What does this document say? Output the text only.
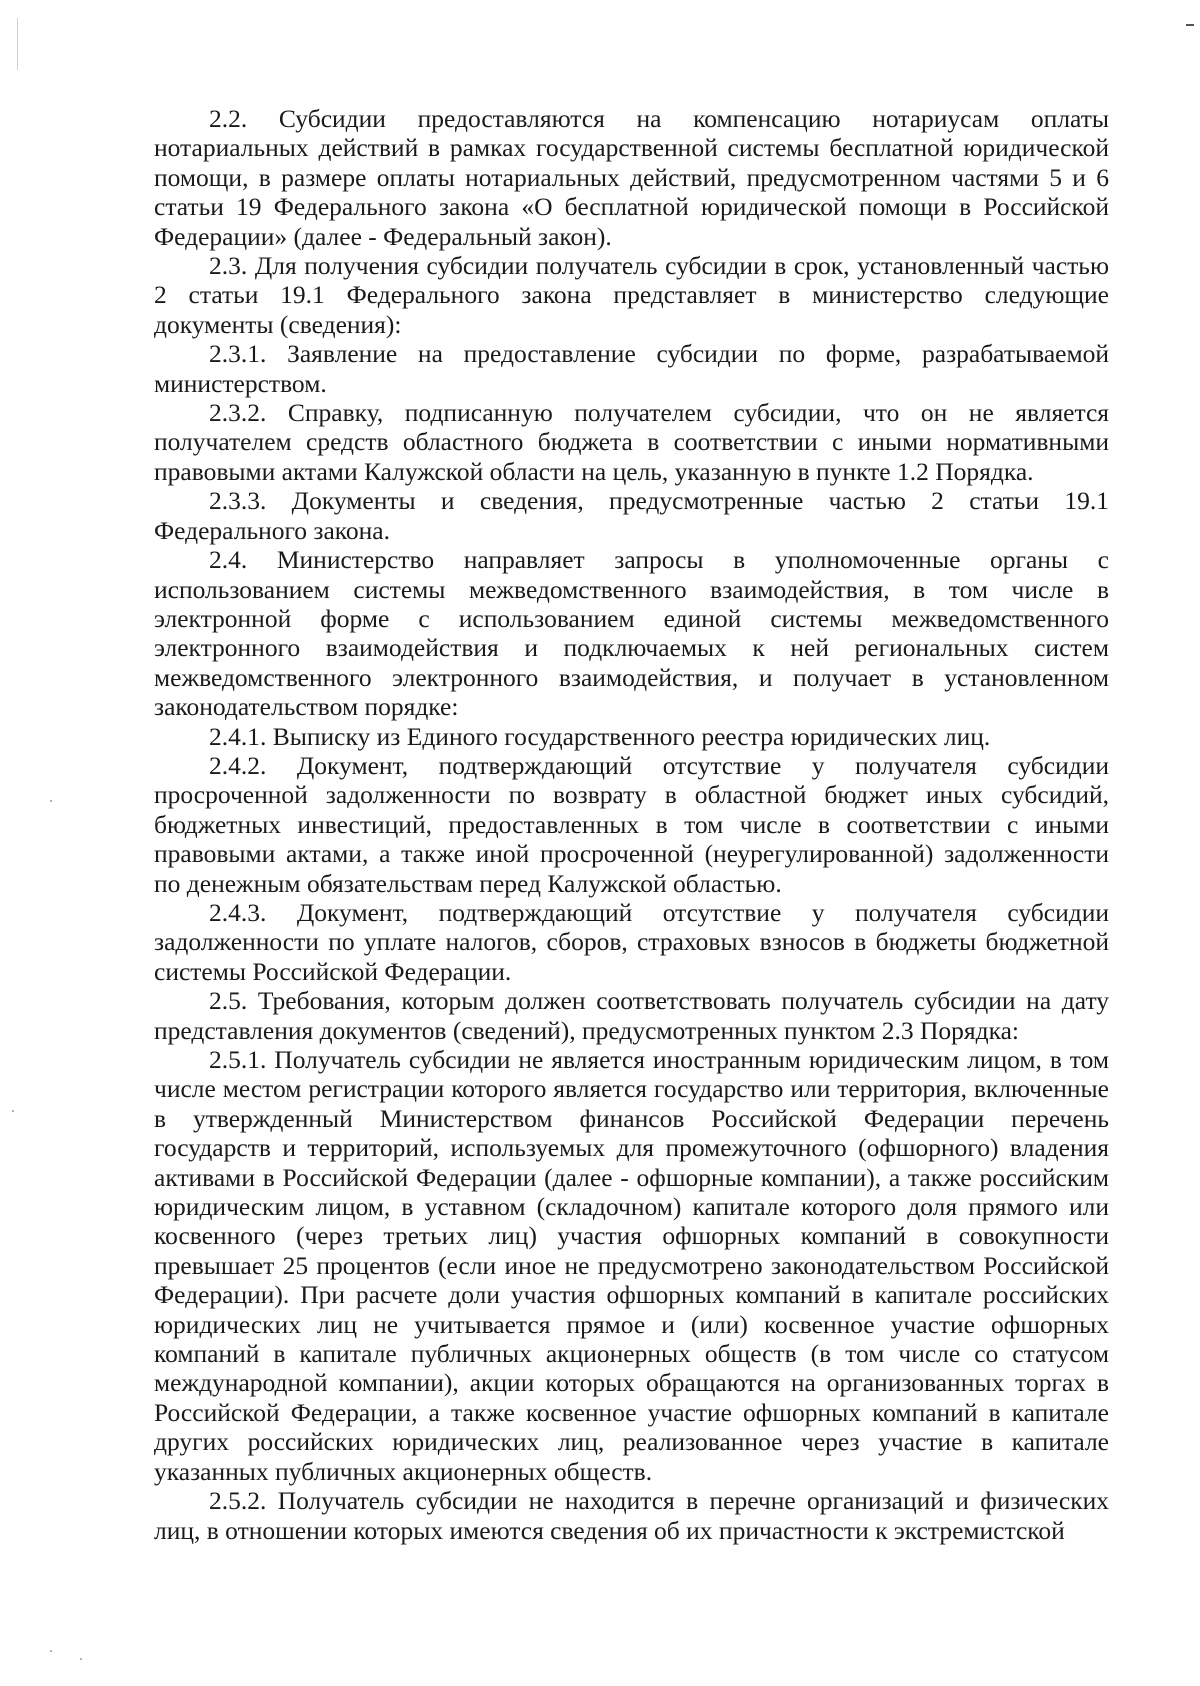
2.2. Субсидии предоставляются на компенсацию нотариусам оплаты нотариальных действий в рамках государственной системы бесплатной юридической помощи, в размере оплаты нотариальных действий, предусмотренном частями 5 и 6 статьи 19 Федерального закона «О бесплатной юридической помощи в Российской Федерации» (далее - Федеральный закон).

2.3. Для получения субсидии получатель субсидии в срок, установленный частью 2 статьи 19.1 Федерального закона представляет в министерство следующие документы (сведения):

2.3.1. Заявление на предоставление субсидии по форме, разрабатываемой министерством.

2.3.2. Справку, подписанную получателем субсидии, что он не является получателем средств областного бюджета в соответствии с иными нормативными правовыми актами Калужской области на цель, указанную в пункте 1.2 Порядка.

2.3.3. Документы и сведения, предусмотренные частью 2 статьи 19.1 Федерального закона.

2.4. Министерство направляет запросы в уполномоченные органы с использованием системы межведомственного взаимодействия, в том числе в электронной форме с использованием единой системы межведомственного электронного взаимодействия и подключаемых к ней региональных систем межведомственного электронного взаимодействия, и получает в установленном законодательством порядке:

2.4.1. Выписку из Единого государственного реестра юридических лиц.

2.4.2. Документ, подтверждающий отсутствие у получателя субсидии просроченной задолженности по возврату в областной бюджет иных субсидий, бюджетных инвестиций, предоставленных в том числе в соответствии с иными правовыми актами, а также иной просроченной (неурегулированной) задолженности по денежным обязательствам перед Калужской областью.

2.4.3. Документ, подтверждающий отсутствие у получателя субсидии задолженности по уплате налогов, сборов, страховых взносов в бюджеты бюджетной системы Российской Федерации.

2.5. Требования, которым должен соответствовать получатель субсидии на дату представления документов (сведений), предусмотренных пунктом 2.3 Порядка:

2.5.1. Получатель субсидии не является иностранным юридическим лицом, в том числе местом регистрации которого является государство или территория, включенные в утвержденный Министерством финансов Российской Федерации перечень государств и территорий, используемых для промежуточного (офшорного) владения активами в Российской Федерации (далее - офшорные компании), а также российским юридическим лицом, в уставном (складочном) капитале которого доля прямого или косвенного (через третьих лиц) участия офшорных компаний в совокупности превышает 25 процентов (если иное не предусмотрено законодательством Российской Федерации). При расчете доли участия офшорных компаний в капитале российских юридических лиц не учитывается прямое и (или) косвенное участие офшорных компаний в капитале публичных акционерных обществ (в том числе со статусом международной компании), акции которых обращаются на организованных торгах в Российской Федерации, а также косвенное участие офшорных компаний в капитале других российских юридических лиц, реализованное через участие в капитале указанных публичных акционерных обществ.

2.5.2. Получатель субсидии не находится в перечне организаций и физических лиц, в отношении которых имеются сведения об их причастности к экстремистской
